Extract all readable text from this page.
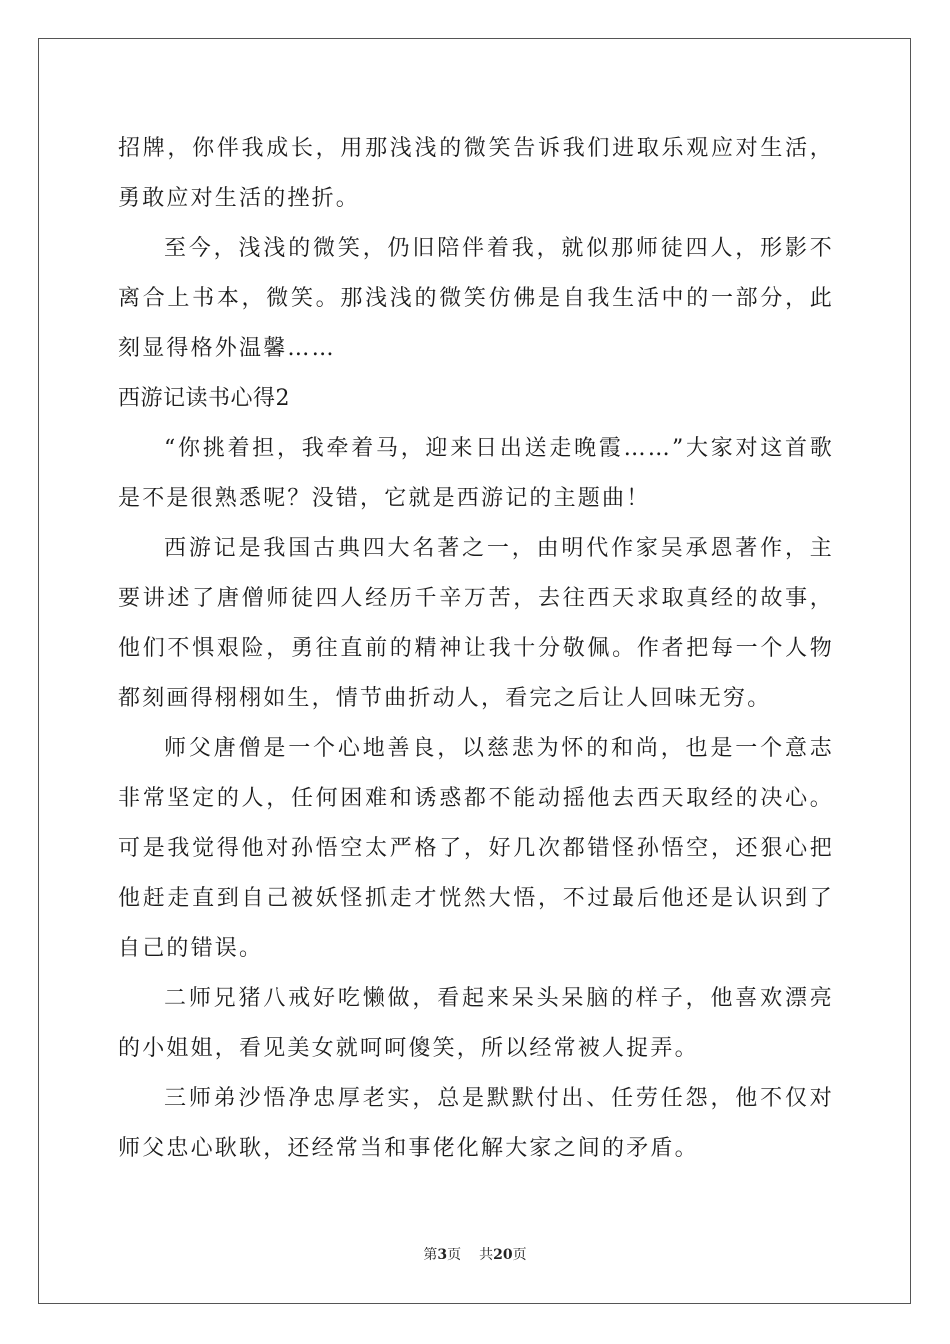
招牌，你伴我成长，用那浅浅的微笑告诉我们进取乐观应对生活，勇敢应对生活的挫折。

至今，浅浅的微笑，仍旧陪伴着我，就似那师徒四人，形影不离合上书本，微笑。那浅浅的微笑仿佛是自我生活中的一部分，此刻显得格外温馨……

西游记读书心得2

“你挑着担，我牵着马，迎来日出送走晚霞……”大家对这首歌是不是很熟悉呢？没错，它就是西游记的主题曲！

西游记是我国古典四大名著之一，由明代作家吴承恩著作，主要讲述了唐僧师徒四人经历千辛万苦，去往西天求取真经的故事，他们不惧艰险，勇往直前的精神让我十分敬佩。作者把每一个人物都刻画得栩栩如生，情节曲折动人，看完之后让人回味无穷。

师父唐僧是一个心地善良，以慈悲为怀的和尚，也是一个意志非常坚定的人，任何困难和诱惑都不能动摇他去西天取经的决心。可是我觉得他对孙悟空太严格了，好几次都错怪孙悟空，还狠心把他赶走直到自己被妖怪抓走才恍然大悟，不过最后他还是认识到了自己的错误。

二师兄猪八戒好吃懒做，看起来呆头呆脑的样子，他喜欢漂亮的小姐姐，看见美女就呵呵傻笑，所以经常被人捉弄。

三师弟沙悟净忠厚老实，总是默默付出、任劳任怨，他不仅对师父忠心耿耿，还经常当和事佬化解大家之间的矛盾。

第3页 共20页
